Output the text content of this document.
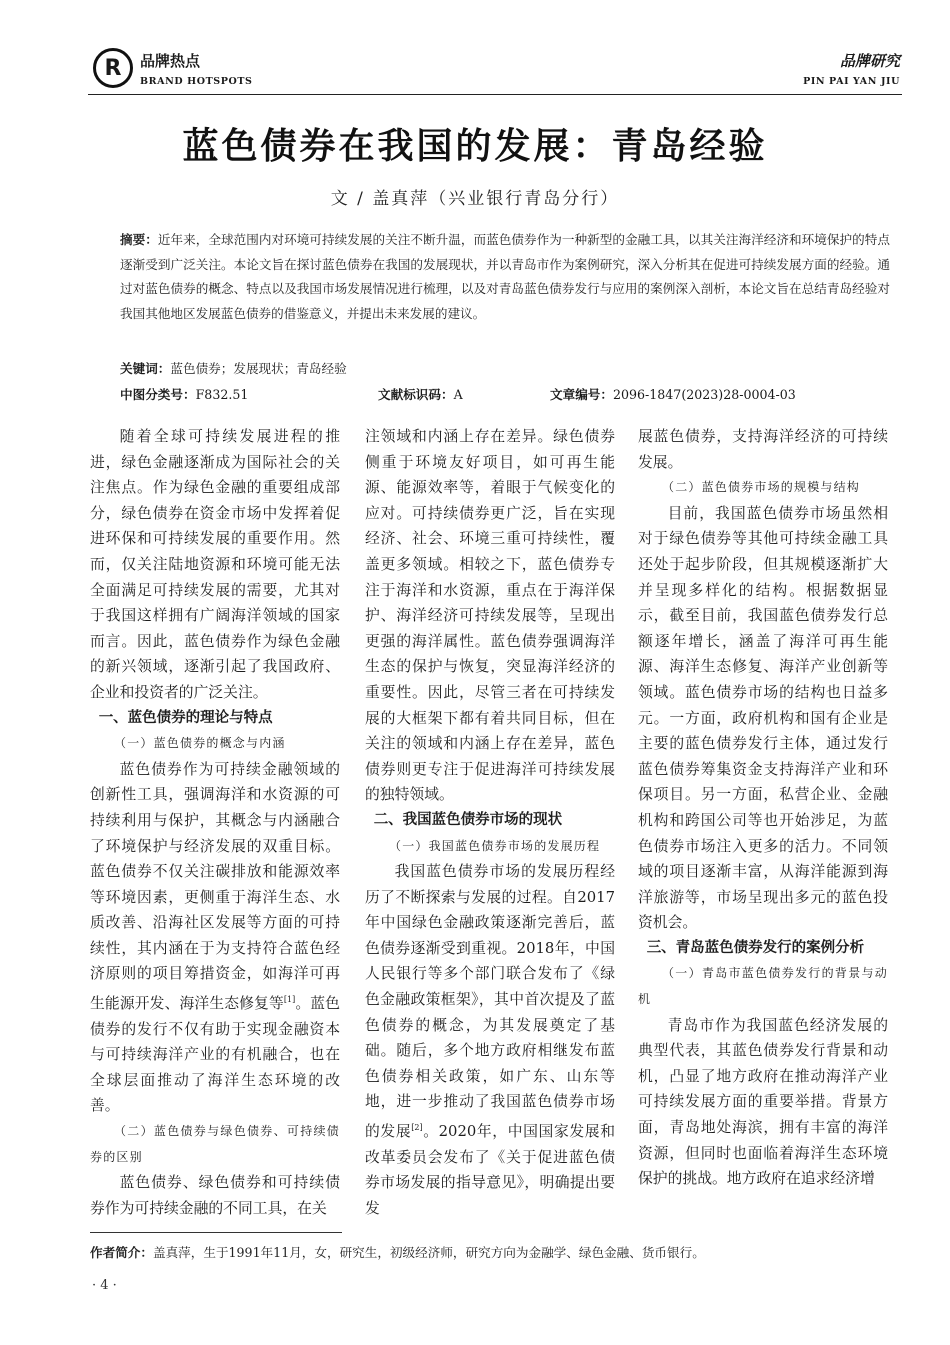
R	品牌热点
BRAND HOTSPOTS
品牌研究
PIN PAI YAN JIU
蓝色债券在我国的发展：青岛经验
文 / 盖真萍（兴业银行青岛分行）
摘要：近年来，全球范围内对环境可持续发展的关注不断升温，而蓝色债券作为一种新型的金融工具，以其关注海洋经济和环境保护的特点逐渐受到广泛关注。本论文旨在探讨蓝色债券在我国的发展现状，并以青岛市作为案例研究，深入分析其在促进可持续发展方面的经验。通过对蓝色债券的概念、特点以及我国市场发展情况进行梳理，以及对青岛蓝色债券发行与应用的案例深入剖析，本论文旨在总结青岛经验对我国其他地区发展蓝色债券的借鉴意义，并提出未来发展的建议。
关键词：蓝色债券；发展现状；青岛经验
中图分类号：F832.51	文献标识码：A	文章编号：2096-1847(2023)28-0004-03

随着全球可持续发展进程的推进，绿色金融逐渐成为国际社会的关注焦点。作为绿色金融的重要组成部分，绿色债券在资金市场中发挥着促进环保和可持续发展的重要作用。然而，仅关注陆地资源和环境可能无法全面满足可持续发展的需要，尤其对于我国这样拥有广阔海洋领域的国家而言。因此，蓝色债券作为绿色金融的新兴领域，逐渐引起了我国政府、企业和投资者的广泛关注。

一、蓝色债券的理论与特点

（一）蓝色债券的概念与内涵

蓝色债券作为可持续金融领域的创新性工具，强调海洋和水资源的可持续利用与保护，其概念与内涵融合了环境保护与经济发展的双重目标。蓝色债券不仅关注碳排放和能源效率等环境因素，更侧重于海洋生态、水质改善、沿海社区发展等方面的可持续性，其内涵在于为支持符合蓝色经济原则的项目筹措资金，如海洋可再生能源开发、海洋生态修复等[1]。蓝色债券的发行不仅有助于实现金融资本与可持续海洋产业的有机融合，也在全球层面推动了海洋生态环境的改善。

（二）蓝色债券与绿色债券、可持续债券的区别

蓝色债券、绿色债券和可持续债券作为可持续金融的不同工具，在关

注领域和内涵上存在差异。绿色债券侧重于环境友好项目，如可再生能源、能源效率等，着眼于气候变化的应对。可持续债券更广泛，旨在实现经济、社会、环境三重可持续性，覆盖更多领域。相较之下，蓝色债券专注于海洋和水资源，重点在于海洋保护、海洋经济可持续发展等，呈现出更强的海洋属性。蓝色债券强调海洋生态的保护与恢复，突显海洋经济的重要性。因此，尽管三者在可持续发展的大框架下都有着共同目标，但在关注的领域和内涵上存在差异，蓝色债券则更专注于促进海洋可持续发展的独特领域。

二、我国蓝色债券市场的现状

（一）我国蓝色债券市场的发展历程

我国蓝色债券市场的发展历程经历了不断探索与发展的过程。自2017年中国绿色金融政策逐渐完善后，蓝色债券逐渐受到重视。2018年，中国人民银行等多个部门联合发布了《绿色金融政策框架》，其中首次提及了蓝色债券的概念，为其发展奠定了基础。随后，多个地方政府相继发布蓝色债券相关政策，如广东、山东等地，进一步推动了我国蓝色债券市场的发展[2]。2020年，中国国家发展和改革委员会发布了《关于促进蓝色债券市场发展的指导意见》，明确提出要发

展蓝色债券，支持海洋经济的可持续发展。

（二）蓝色债券市场的规模与结构

目前，我国蓝色债券市场虽然相对于绿色债券等其他可持续金融工具还处于起步阶段，但其规模逐渐扩大并呈现多样化的结构。根据数据显示，截至目前，我国蓝色债券发行总额逐年增长，涵盖了海洋可再生能源、海洋生态修复、海洋产业创新等领域。蓝色债券市场的结构也日益多元。一方面，政府机构和国有企业是主要的蓝色债券发行主体，通过发行蓝色债券筹集资金支持海洋产业和环保项目。另一方面，私营企业、金融机构和跨国公司等也开始涉足，为蓝色债券市场注入更多的活力。不同领域的项目逐渐丰富，从海洋能源到海洋旅游等，市场呈现出多元的蓝色投资机会。

三、青岛蓝色债券发行的案例分析

（一）青岛市蓝色债券发行的背景与动机

青岛市作为我国蓝色经济发展的典型代表，其蓝色债券发行背景和动机，凸显了地方政府在推动海洋产业可持续发展方面的重要举措。背景方面，青岛地处海滨，拥有丰富的海洋资源，但同时也面临着海洋生态环境保护的挑战。地方政府在追求经济增

作者简介：盖真萍，生于1991年11月，女，研究生，初级经济师，研究方向为金融学、绿色金融、货币银行。
· 4 ·
